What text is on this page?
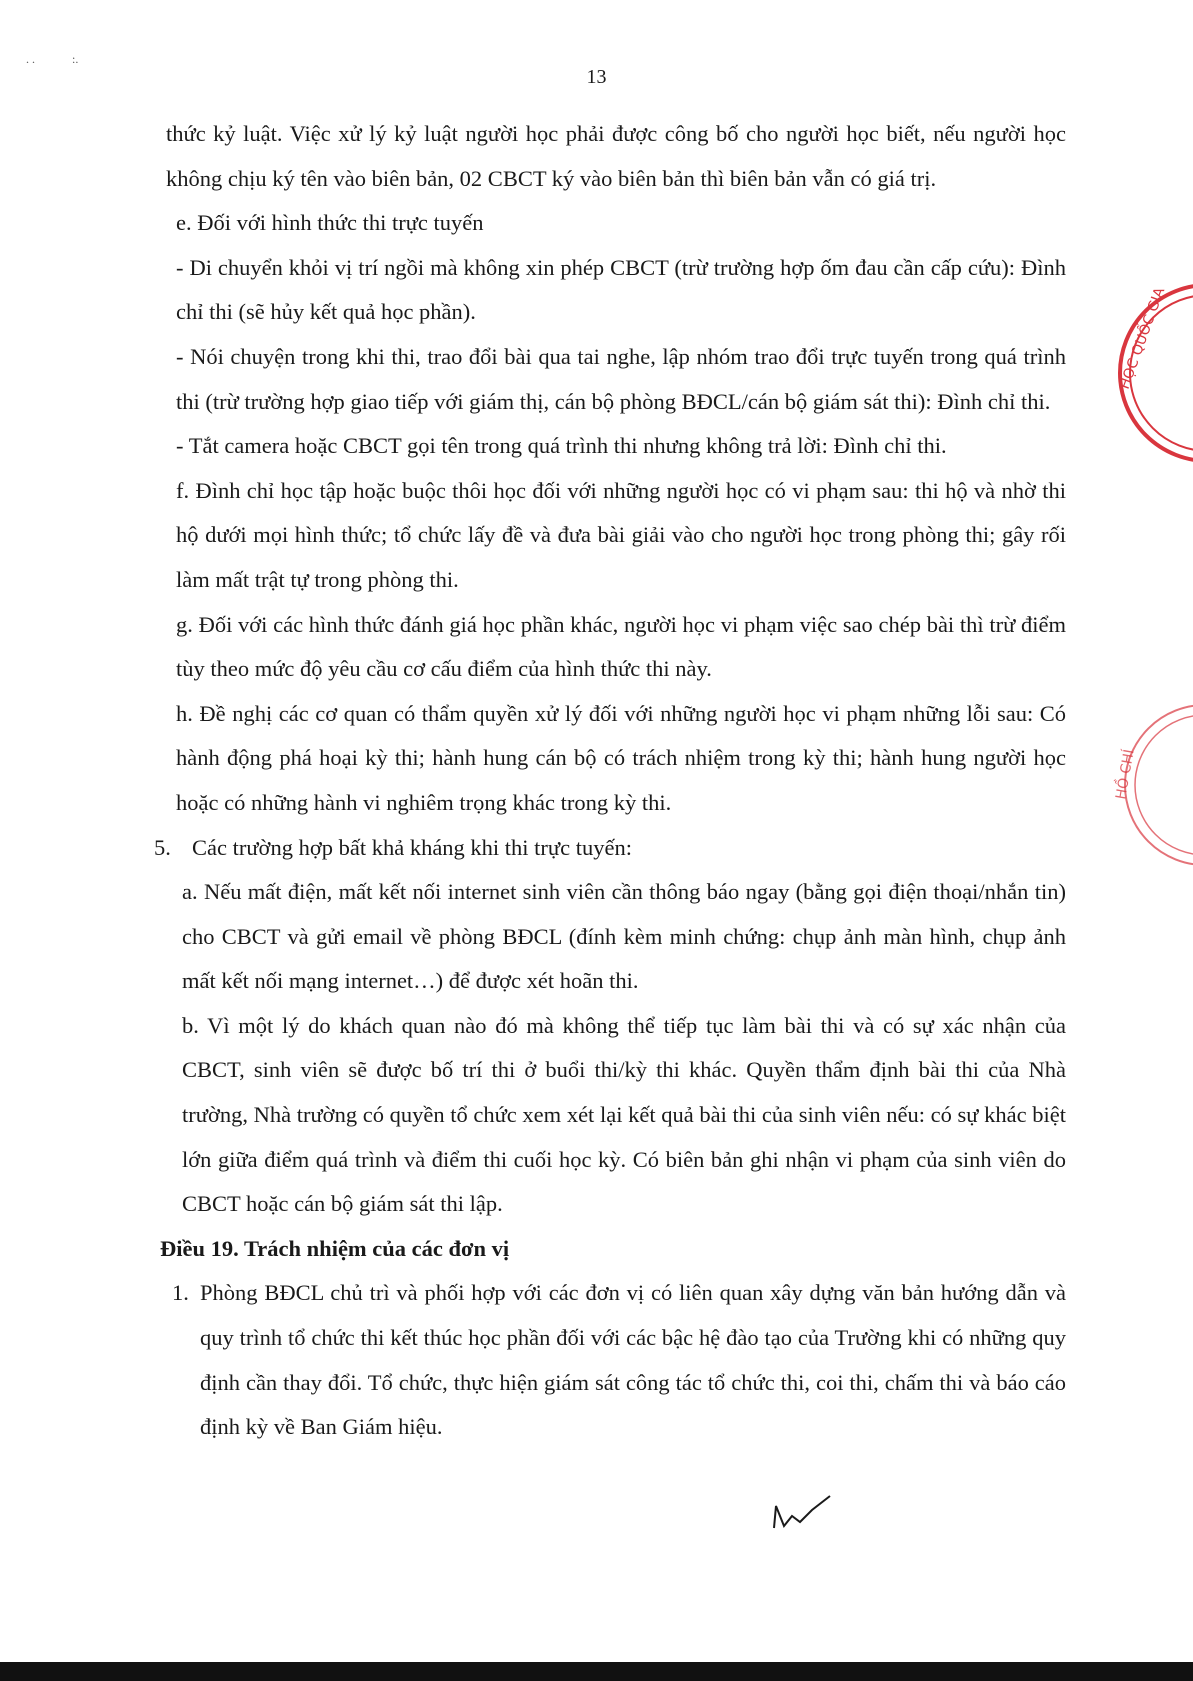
. .	:.
13

thức kỷ luật. Việc xử lý kỷ luật người học phải được công bố cho người học biết, nếu người học không chịu ký tên vào biên bản, 02 CBCT ký vào biên bản thì biên bản vẫn có giá trị.

e. Đối với hình thức thi trực tuyến

- Di chuyển khỏi vị trí ngồi mà không xin phép CBCT (trừ trường hợp ốm đau cần cấp cứu): Đình chỉ thi (sẽ hủy kết quả học phần).

- Nói chuyện trong khi thi, trao đổi bài qua tai nghe, lập nhóm trao đổi trực tuyến trong quá trình thi (trừ trường hợp giao tiếp với giám thị, cán bộ phòng BĐCL/cán bộ giám sát thi): Đình chỉ thi.

- Tắt camera hoặc CBCT gọi tên trong quá trình thi nhưng không trả lời: Đình chỉ thi.

f. Đình chỉ học tập hoặc buộc thôi học đối với những người học có vi phạm sau: thi hộ và nhờ thi hộ dưới mọi hình thức; tổ chức lấy đề và đưa bài giải vào cho người học trong phòng thi; gây rối làm mất trật tự trong phòng thi.

g. Đối với các hình thức đánh giá học phần khác, người học vi phạm việc sao chép bài thì trừ điểm tùy theo mức độ yêu cầu cơ cấu điểm của hình thức thi này.

h. Đề nghị các cơ quan có thẩm quyền xử lý đối với những người học vi phạm những lỗi sau: Có hành động phá hoại kỳ thi; hành hung cán bộ có trách nhiệm trong kỳ thi; hành hung người học hoặc có những hành vi nghiêm trọng khác trong kỳ thi.

5. Các trường hợp bất khả kháng khi thi trực tuyến:

a. Nếu mất điện, mất kết nối internet sinh viên cần thông báo ngay (bằng gọi điện thoại/nhắn tin) cho CBCT và gửi email về phòng BĐCL (đính kèm minh chứng: chụp ảnh màn hình, chụp ảnh mất kết nối mạng internet…) để được xét hoãn thi.

b. Vì một lý do khách quan nào đó mà không thể tiếp tục làm bài thi và có sự xác nhận của CBCT, sinh viên sẽ được bố trí thi ở buổi thi/kỳ thi khác. Quyền thẩm định bài thi của Nhà trường, Nhà trường có quyền tổ chức xem xét lại kết quả bài thi của sinh viên nếu: có sự khác biệt lớn giữa điểm quá trình và điểm thi cuối học kỳ. Có biên bản ghi nhận vi phạm của sinh viên do CBCT hoặc cán bộ giám sát thi lập.

Điều 19. Trách nhiệm của các đơn vị

1. Phòng BĐCL chủ trì và phối hợp với các đơn vị có liên quan xây dựng văn bản hướng dẫn và quy trình tổ chức thi kết thúc học phần đối với các bậc hệ đào tạo của Trường khi có những quy định cần thay đổi. Tổ chức, thực hiện giám sát công tác tổ chức thi, coi thi, chấm thi và báo cáo định kỳ về Ban Giám hiệu.

HỌC QUỐC GIA
HỒ CHÍ
